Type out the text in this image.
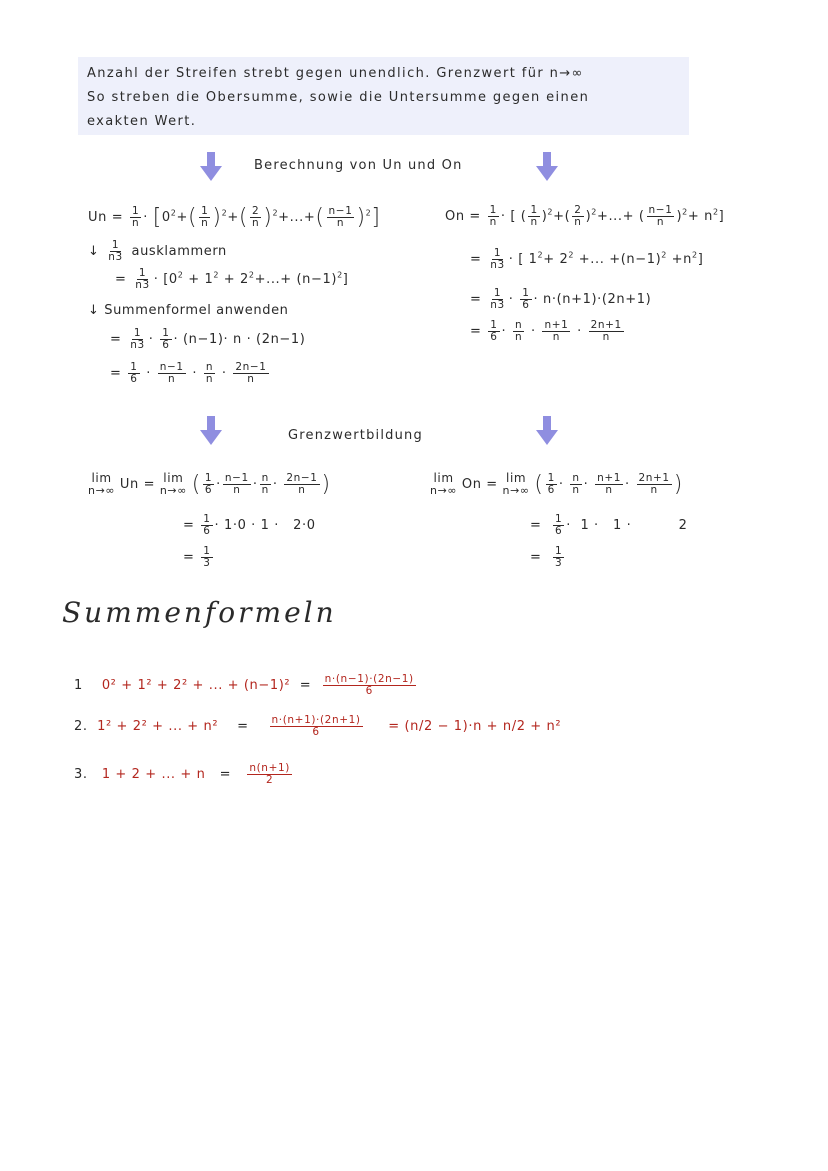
Anzahl der Streifen strebt gegen unendlich. Grenzwert für n→∞
So streben die Obersumme, sowie die Untersumme gegen einen
exakten Wert.
Berechnung von Un und On
$Un = \frac{1}{n} \cdot [0^2+( \frac{1}{n} )^2+( \frac{2}{n} )^2+...+( \frac{n-1}{n} )^2]$
↓ $\frac{1}{n3}$ ausklammern
= $\frac{1}{n3} \cdot [0^2 + 1^2 + 2^2+...+ (n-1)^2]$
↓ Summenformel anwenden
= $\frac{1}{n3} \cdot \frac{1}{6} \cdot (n-1)\cdot n \cdot (2n-1)$
= $\frac{1}{6} \cdot \frac{n-1}{n} \cdot \frac{n}{n} \cdot \frac{2n-1}{n}$
$On = \frac{1}{n}$ · [ ( $\frac{1}{n} )^2+( \frac{2}{n} )^2+...+$ ( $\frac{n-1}{n} )^2+ n^2$]
= $\frac{1}{n3}$ · [ $1^2+ 2^2$ +... $+(n-1)^2 +n^2$]
= $\frac{1}{n3} \cdot \frac{1}{6} \cdot n\cdot(n+1)\cdot(2n+1)$
= $\frac{1}{6} \cdot \frac{n}{n} \cdot \frac{n+1}{n} \cdot \frac{2n+1}{n}$
Grenzwertbildung
lim
n→∞ Un = lim
n→∞ ( $\frac{1}{6} \cdot \frac{n-1}{n} \cdot \frac{n}{n} \cdot \frac{2n-1}{n}$ )
= $\frac{1}{6} \cdot 1\cdot 0 \cdot 1 \cdot 2\cdot 0$
= $\frac{1}{3}$
lim
n→∞ On = lim
n→∞ ( $\frac{1}{6} \cdot \frac{n}{n} \cdot \frac{n+1}{n} \cdot \frac{2n+1}{n}$ )
= $\frac{1}{6} \cdot 1 \cdot 1$ ·          2
= $\frac{1}{3}$
Summenformeln
1 0² + 1² + 2² + ... + $(n-1)^2 = \frac{n\cdot(n-1)\cdot(2n-1)}{6}$
2. 1² + 2² + ... + n²    = $\frac{n\cdot(n+1)\cdot(2n+1)}{6} = (n/2 - 1)\cdot n + n/2 + n^2$
3. 1 + 2 + ... + $n = \frac{n(n+1)}{2}$
